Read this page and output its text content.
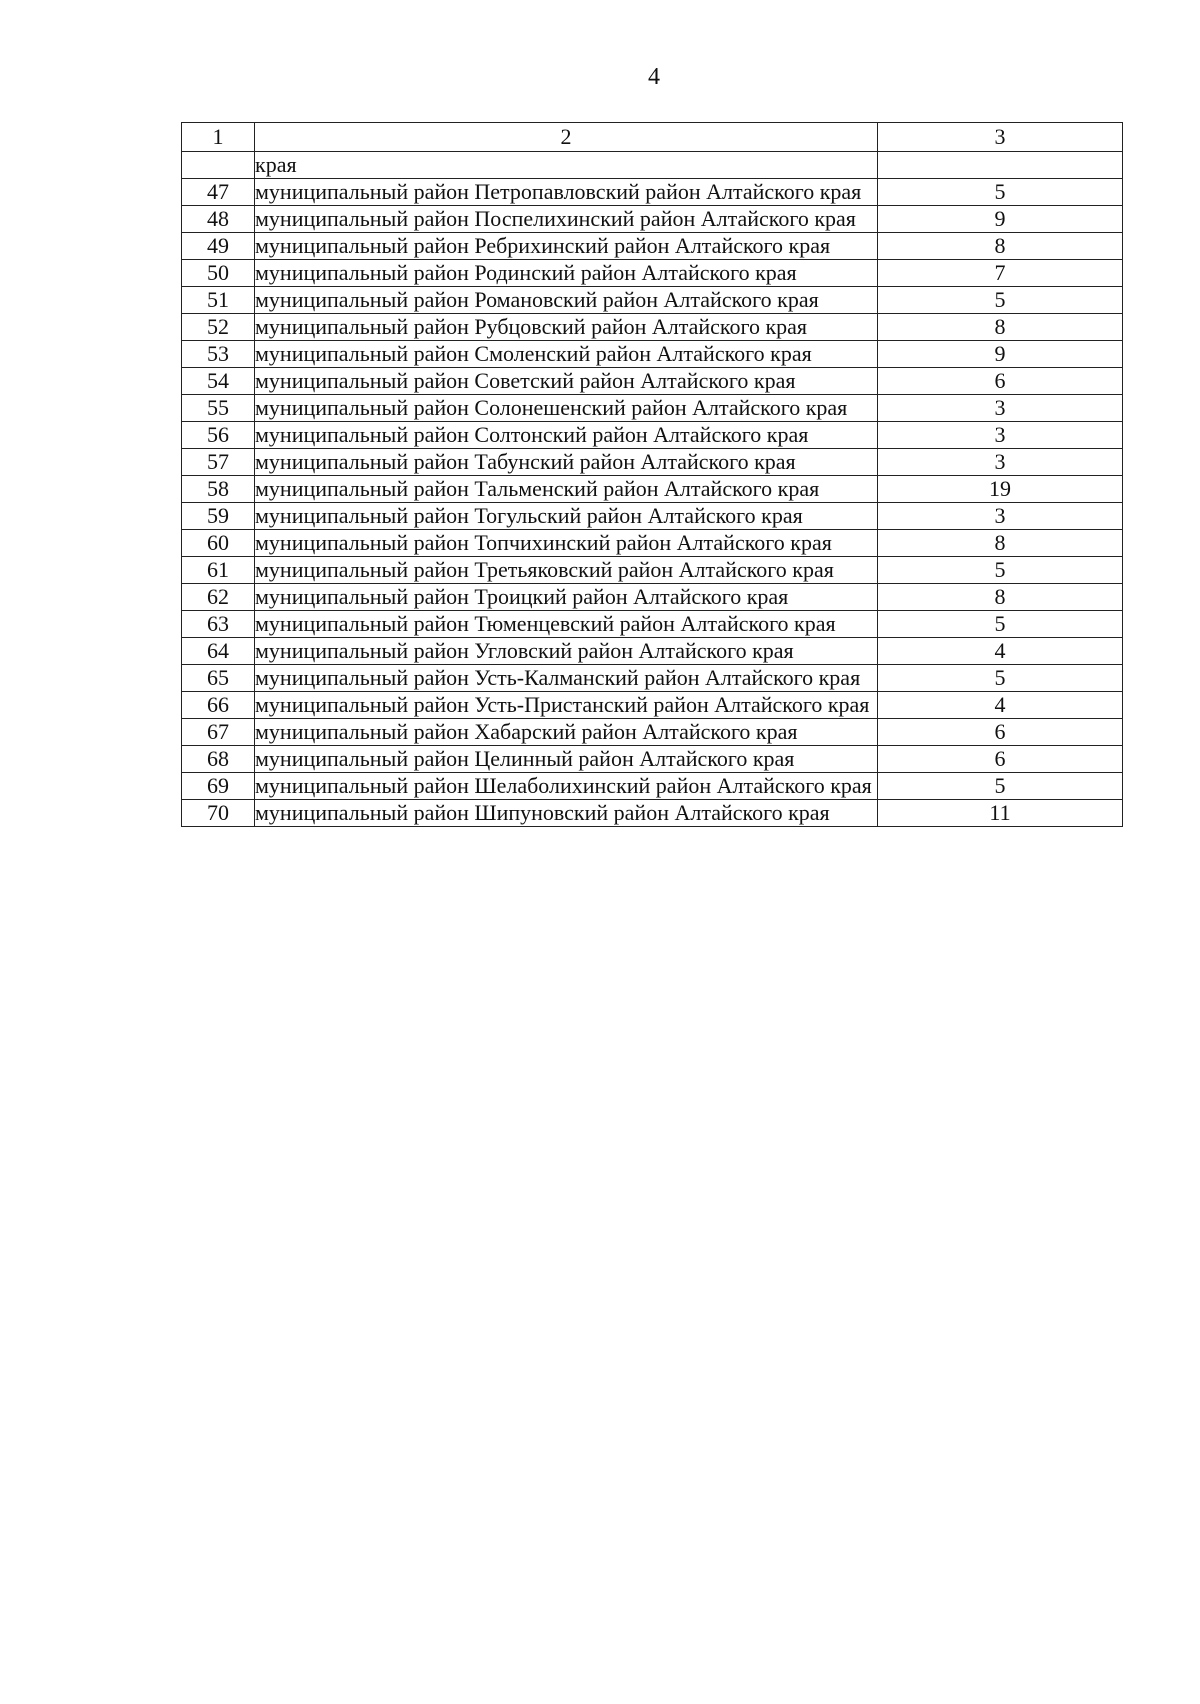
4
1	2	3
	края	
47	муниципальный район Петропавловский район Алтайского края	5
48	муниципальный район Поспелихинский район Алтайского края	9
49	муниципальный район Ребрихинский район Алтайского края	8
50	муниципальный район Родинский район Алтайского края	7
51	муниципальный район Романовский район Алтайского края	5
52	муниципальный район Рубцовский район Алтайского края	8
53	муниципальный район Смоленский район Алтайского края	9
54	муниципальный район Советский район Алтайского края	6
55	муниципальный район Солонешенский район Алтайского края	3
56	муниципальный район Солтонский район Алтайского края	3
57	муниципальный район Табунский район Алтайского края	3
58	муниципальный район Тальменский район Алтайского края	19
59	муниципальный район Тогульский район Алтайского края	3
60	муниципальный район Топчихинский район Алтайского края	8
61	муниципальный район Третьяковский район Алтайского края	5
62	муниципальный район Троицкий район Алтайского края	8
63	муниципальный район Тюменцевский район Алтайского края	5
64	муниципальный район Угловский район Алтайского края	4
65	муниципальный район Усть-Калманский район Алтайского края	5
66	муниципальный район Усть-Пристанский район Алтайского края	4
67	муниципальный район Хабарский район Алтайского края	6
68	муниципальный район Целинный район Алтайского края	6
69	муниципальный район Шелаболихинский район Алтайского края	5
70	муниципальный район Шипуновский район Алтайского края	11
